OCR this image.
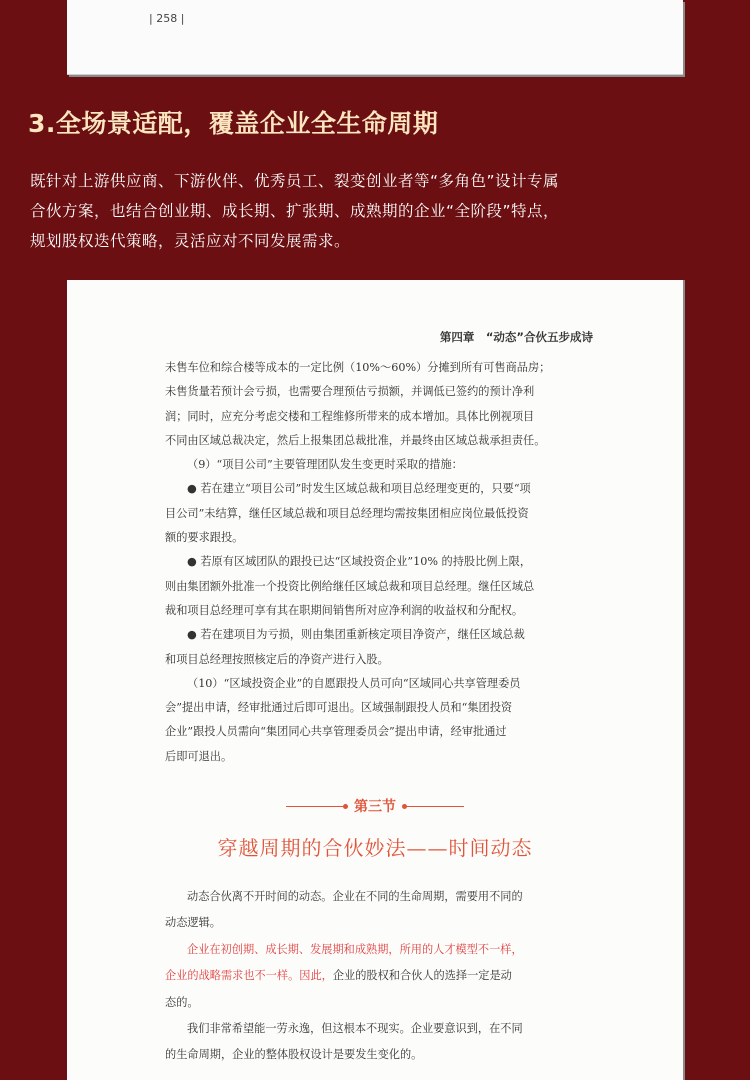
| 258 |
3.全场景适配，覆盖企业全生命周期

既针对上游供应商、下游伙伴、优秀员工、裂变创业者等“多角色”设计专属

合伙方案，也结合创业期、成长期、扩张期、成熟期的企业“全阶段”特点，

规划股权迭代策略，灵活应对不同发展需求。

第四章　“动态”合伙五步成诗
未售车位和综合楼等成本的一定比例（10%～60%）分摊到所有可售商品房；
未售货量若预计会亏损，也需要合理预估亏损额，并调低已签约的预计净利
润；同时，应充分考虑交楼和工程维修所带来的成本增加。具体比例视项目
不同由区域总裁决定，然后上报集团总裁批准，并最终由区域总裁承担责任。
（9）“项目公司”主要管理团队发生变更时采取的措施：
● 若在建立“项目公司”时发生区域总裁和项目总经理变更的，只要“项
目公司”未结算，继任区域总裁和项目总经理均需按集团相应岗位最低投资
额的要求跟投。
● 若原有区域团队的跟投已达“区域投资企业”10% 的持股比例上限，
则由集团额外批准一个投资比例给继任区域总裁和项目总经理。继任区域总
裁和项目总经理可享有其在职期间销售所对应净利润的收益权和分配权。
● 若在建项目为亏损，则由集团重新核定项目净资产，继任区域总裁
和项目总经理按照核定后的净资产进行入股。
（10）“区域投资企业”的自愿跟投人员可向“区域同心共享管理委员
会”提出申请，经审批通过后即可退出。区域强制跟投人员和“集团投资
企业”跟投人员需向“集团同心共享管理委员会”提出申请，经审批通过
后即可退出。
第三节
穿越周期的合伙妙法——时间动态
动态合伙离不开时间的动态。企业在不同的生命周期，需要用不同的
动态逻辑。
企业在初创期、成长期、发展期和成熟期，所用的人才模型不一样，
企业的战略需求也不一样。因此，企业的股权和合伙人的选择一定是动
态的。
我们非常希望能一劳永逸，但这根本不现实。企业要意识到，在不同
的生命周期，企业的整体股权设计是要发生变化的。
